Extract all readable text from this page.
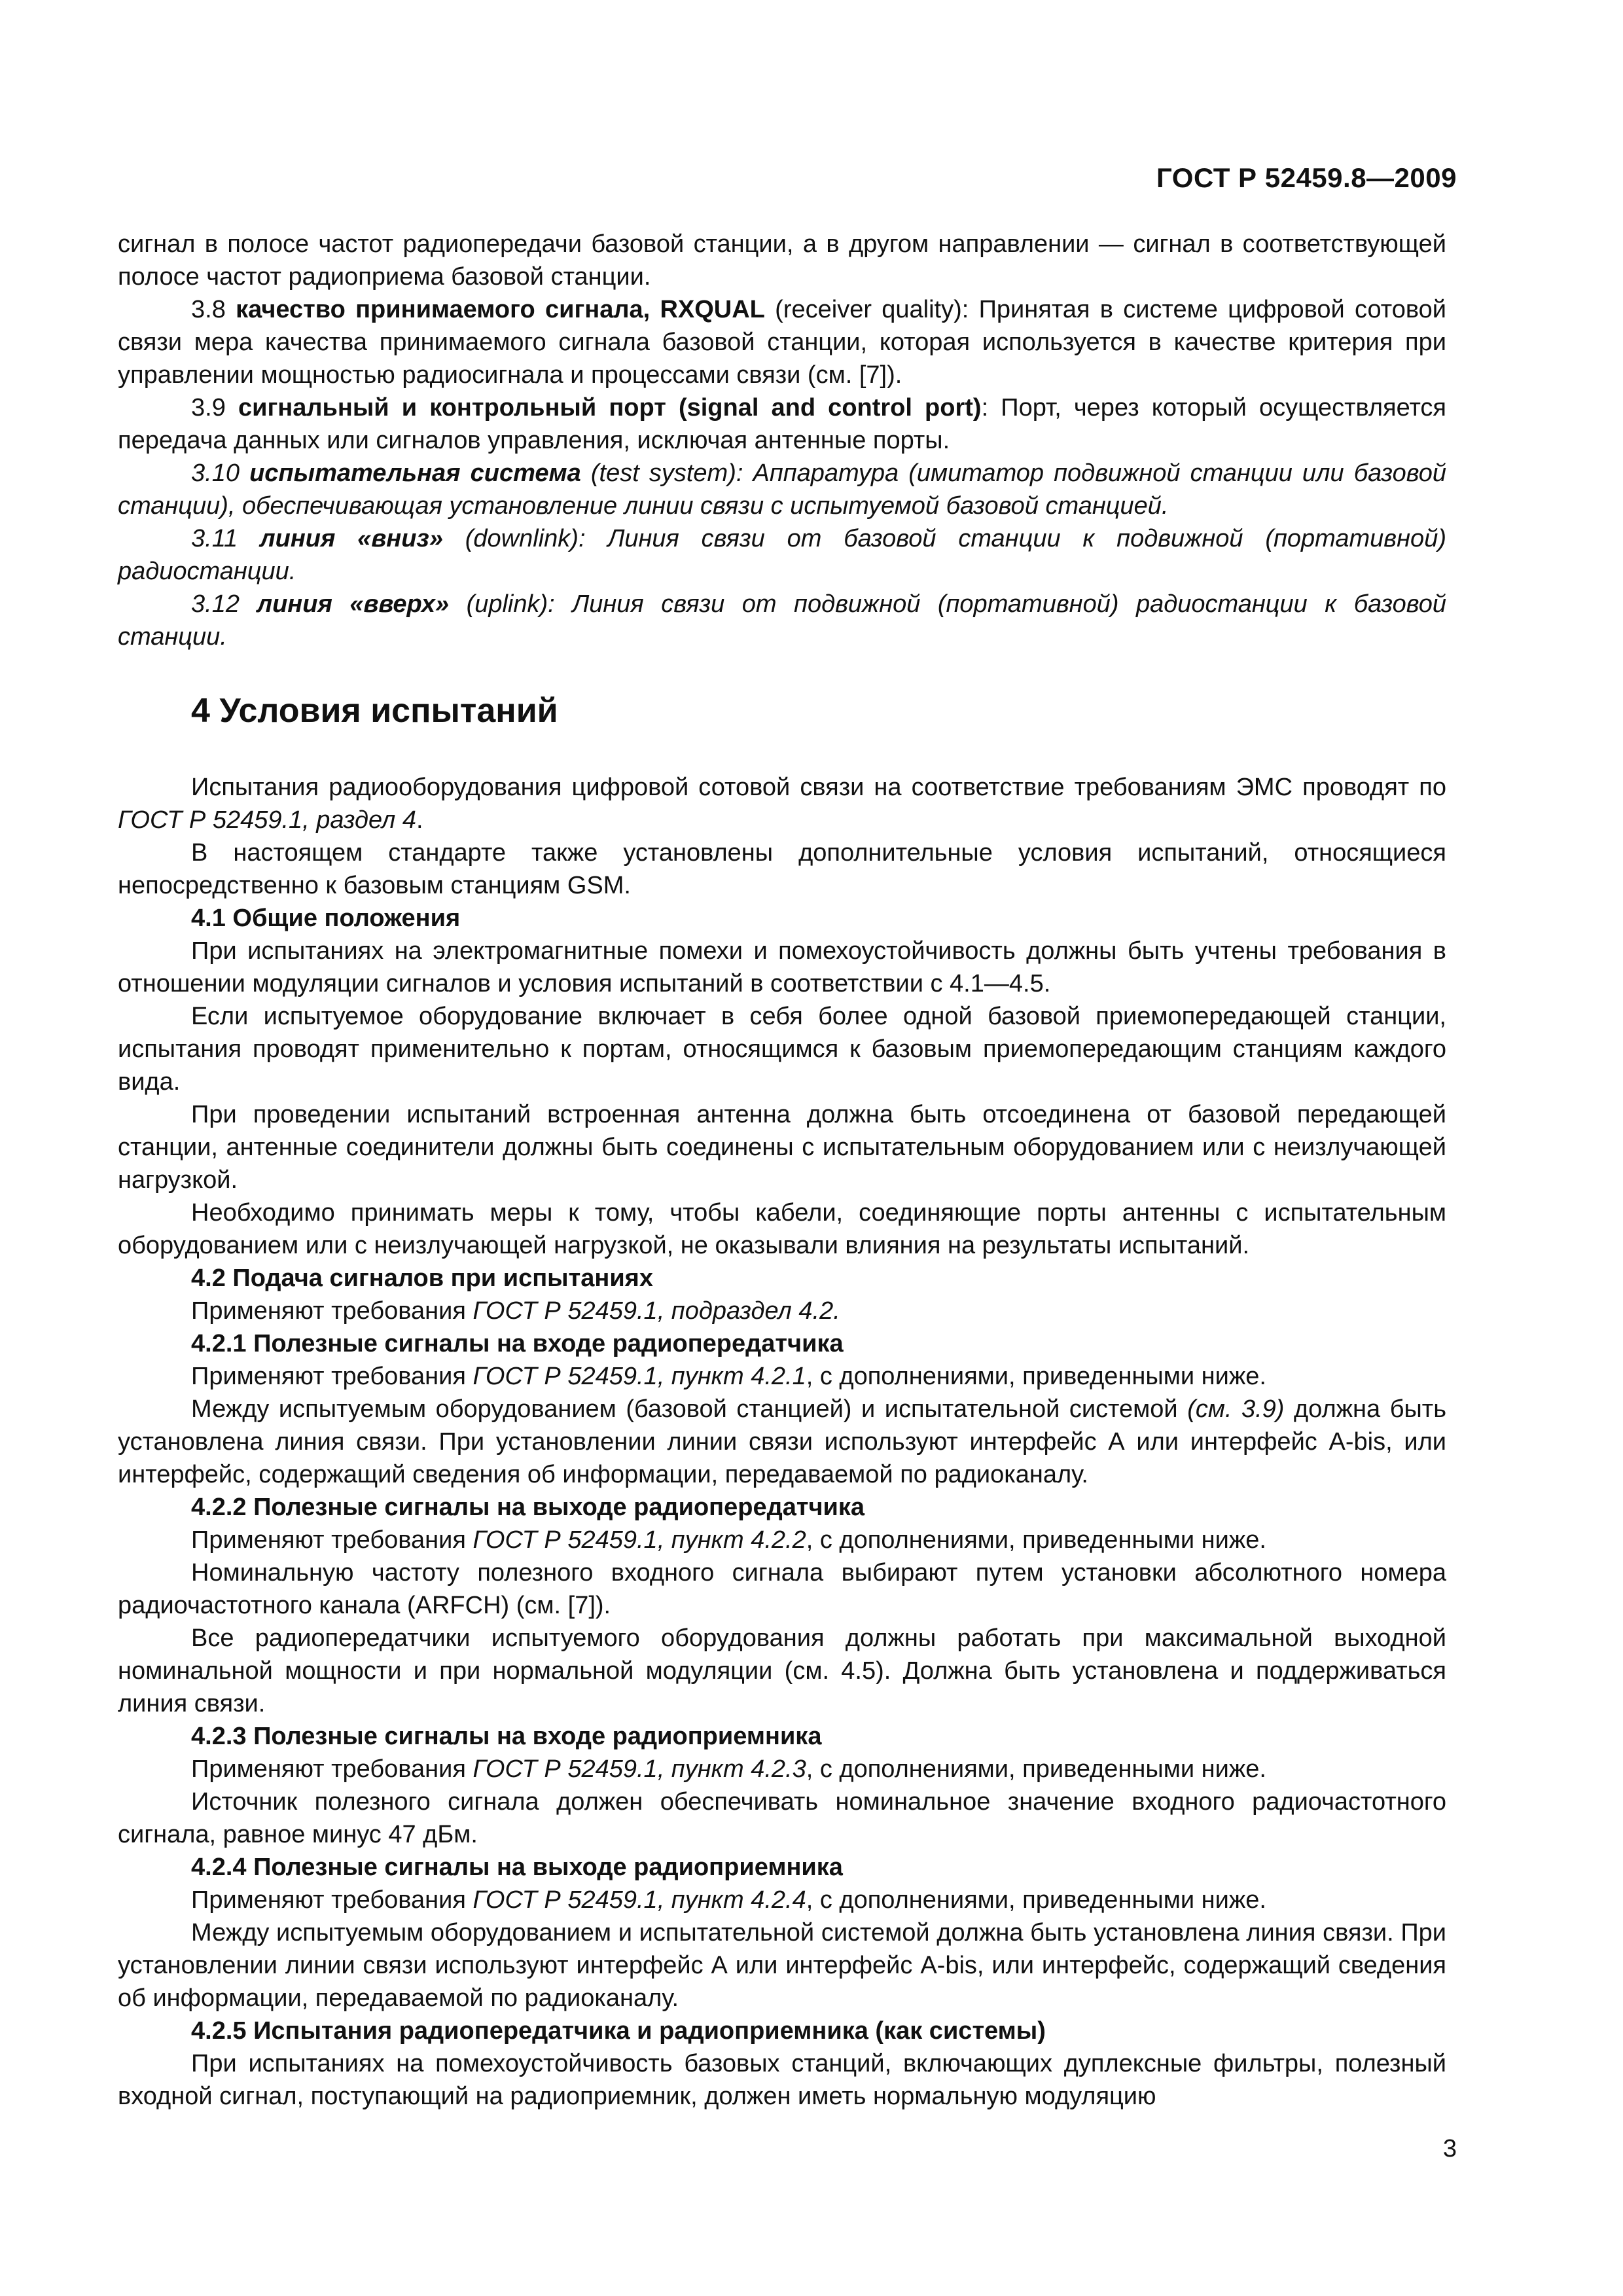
ГОСТ Р 52459.8—2009

сигнал в полосе частот радиопередачи базовой станции, а в другом направлении — сигнал в соответствующей полосе частот радиоприема базовой станции.

3.8 качество принимаемого сигнала, RXQUAL (receiver quality): Принятая в системе цифровой сотовой связи мера качества принимаемого сигнала базовой станции, которая используется в качестве критерия при управлении мощностью радиосигнала и процессами связи (см. [7]).

3.9 сигнальный и контрольный порт (signal and control port): Порт, через который осуществляется передача данных или сигналов управления, исключая антенные порты.

3.10 испытательная система (test system): Аппаратура (имитатор подвижной станции или базовой станции), обеспечивающая установление линии связи с испытуемой базовой станцией.

3.11 линия «вниз» (downlink): Линия связи от базовой станции к подвижной (портативной) радиостанции.

3.12 линия «вверх» (uplink): Линия связи от подвижной (портативной) радиостанции к базовой станции.

4 Условия испытаний

Испытания радиооборудования цифровой сотовой связи на соответствие требованиям ЭМС проводят по ГОСТ Р 52459.1, раздел 4.

В настоящем стандарте также установлены дополнительные условия испытаний, относящиеся непосредственно к базовым станциям GSM.

4.1 Общие положения

При испытаниях на электромагнитные помехи и помехоустойчивость должны быть учтены требования в отношении модуляции сигналов и условия испытаний в соответствии с 4.1—4.5.

Если испытуемое оборудование включает в себя более одной базовой приемопередающей станции, испытания проводят применительно к портам, относящимся к базовым приемопередающим станциям каждого вида.

При проведении испытаний встроенная антенна должна быть отсоединена от базовой передающей станции, антенные соединители должны быть соединены с испытательным оборудованием или с неизлучающей нагрузкой.

Необходимо принимать меры к тому, чтобы кабели, соединяющие порты антенны с испытательным оборудованием или с неизлучающей нагрузкой, не оказывали влияния на результаты испытаний.

4.2 Подача сигналов при испытаниях

Применяют требования ГОСТ Р 52459.1, подраздел 4.2.

4.2.1 Полезные сигналы на входе радиопередатчика

Применяют требования ГОСТ Р 52459.1, пункт 4.2.1, с дополнениями, приведенными ниже.

Между испытуемым оборудованием (базовой станцией) и испытательной системой (см. 3.9) должна быть установлена линия связи. При установлении линии связи используют интерфейс А или интерфейс A-bis, или интерфейс, содержащий сведения об информации, передаваемой по радиоканалу.

4.2.2 Полезные сигналы на выходе радиопередатчика

Применяют требования ГОСТ Р 52459.1, пункт 4.2.2, с дополнениями, приведенными ниже.

Номинальную частоту полезного входного сигнала выбирают путем установки абсолютного номера радиочастотного канала (ARFCH) (см. [7]).

Все радиопередатчики испытуемого оборудования должны работать при максимальной выходной номинальной мощности и при нормальной модуляции (см. 4.5). Должна быть установлена и поддерживаться линия связи.

4.2.3 Полезные сигналы на входе радиоприемника

Применяют требования ГОСТ Р 52459.1, пункт 4.2.3, с дополнениями, приведенными ниже.

Источник полезного сигнала должен обеспечивать номинальное значение входного радиочастотного сигнала, равное минус 47 дБм.

4.2.4 Полезные сигналы на выходе радиоприемника

Применяют требования ГОСТ Р 52459.1, пункт 4.2.4, с дополнениями, приведенными ниже.

Между испытуемым оборудованием и испытательной системой должна быть установлена линия связи. При установлении линии связи используют интерфейс А или интерфейс A-bis, или интерфейс, содержащий сведения об информации, передаваемой по радиоканалу.

4.2.5 Испытания радиопередатчика и радиоприемника (как системы)

При испытаниях на помехоустойчивость базовых станций, включающих дуплексные фильтры, полезный входной сигнал, поступающий на радиоприемник, должен иметь нормальную модуляцию

3
